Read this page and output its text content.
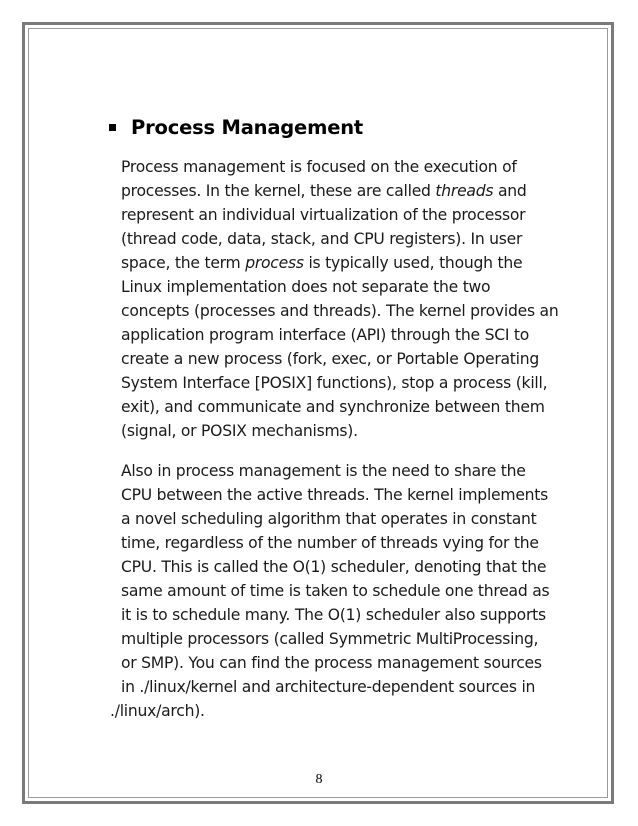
Process Management
Process management is focused on the execution of
processes. In the kernel, these are called threads and
represent an individual virtualization of the processor
(thread code, data, stack, and CPU registers). In user
space, the term process is typically used, though the
Linux implementation does not separate the two
concepts (processes and threads). The kernel provides an
application program interface (API) through the SCI to
create a new process (fork, exec, or Portable Operating
System Interface [POSIX] functions), stop a process (kill,
exit), and communicate and synchronize between them
(signal, or POSIX mechanisms).
Also in process management is the need to share the
CPU between the active threads. The kernel implements
a novel scheduling algorithm that operates in constant
time, regardless of the number of threads vying for the
CPU. This is called the O(1) scheduler, denoting that the
same amount of time is taken to schedule one thread as
it is to schedule many. The O(1) scheduler also supports
multiple processors (called Symmetric MultiProcessing,
or SMP). You can find the process management sources
in ./linux/kernel and architecture-dependent sources in
./linux/arch).
8
